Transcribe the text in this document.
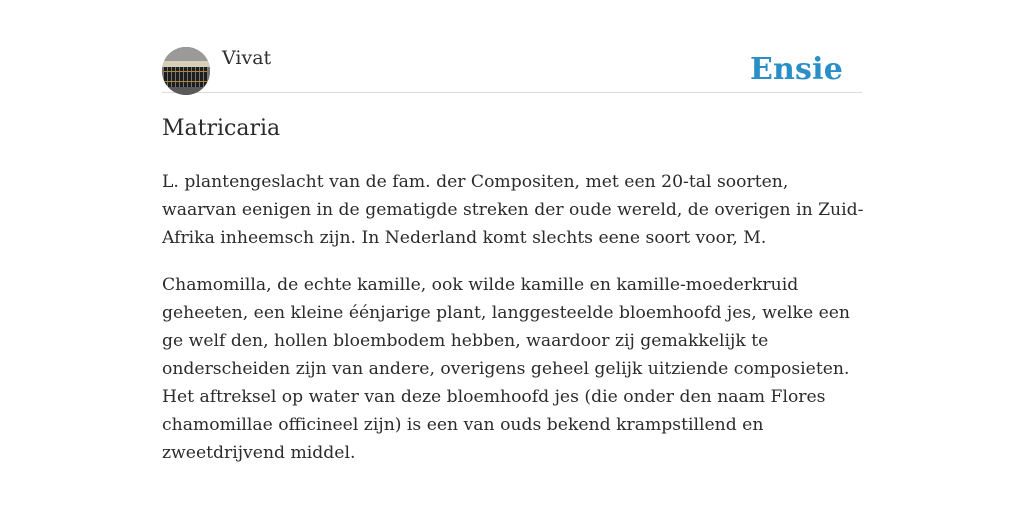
Vivat	Ensie
Matricaria

L. plantengeslacht van de fam. der Compositen, met een 20-tal soorten, waarvan eenigen in de gematigde streken der oude wereld, de overigen in Zuid-Afrika inheemsch zijn. In Nederland komt slechts eene soort voor, M.

Chamomilla, de echte kamille, ook wilde kamille en kamille-moederkruid geheeten, een kleine éénjarige plant, langgesteelde bloemhoofd jes, welke een ge welf den, hollen bloembodem hebben, waardoor zij gemakkelijk te onderscheiden zijn van andere, overigens geheel gelijk uitziende composieten. Het aftreksel op water van deze bloemhoofd jes (die onder den naam Flores chamomillae officineel zijn) is een van ouds bekend krampstillend en zweetdrijvend middel.
